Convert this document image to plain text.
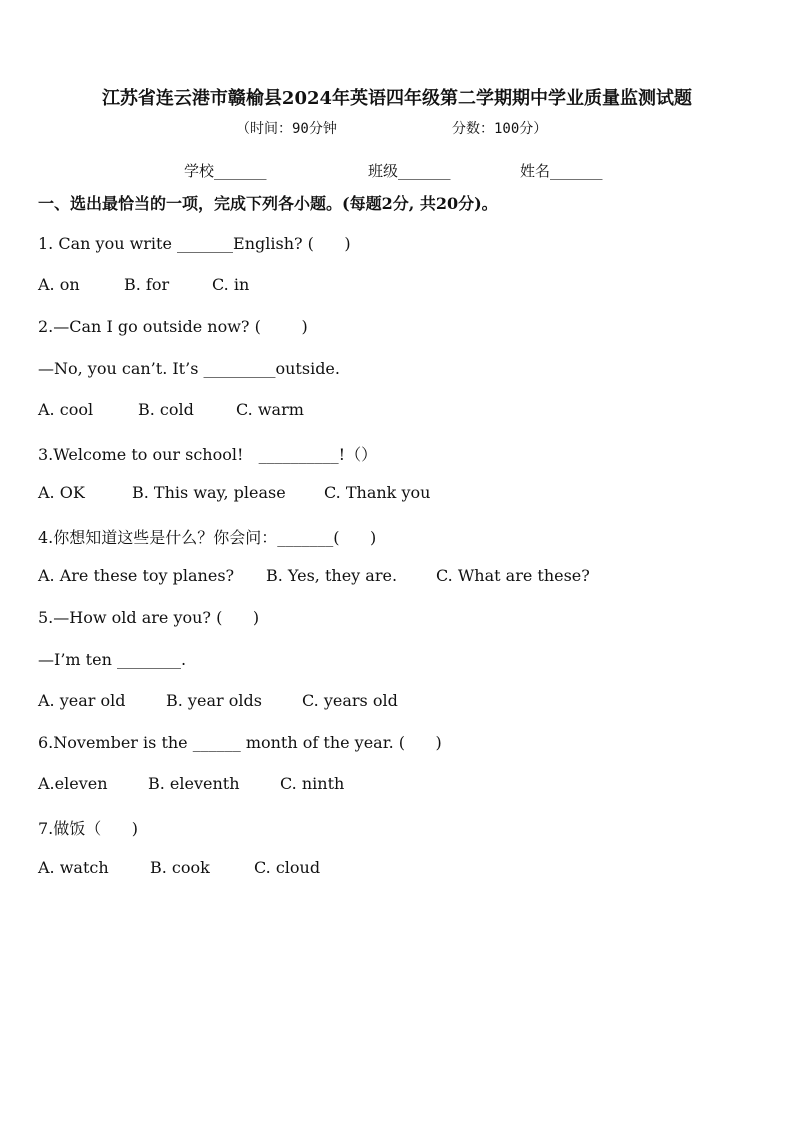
江苏省连云港市赣榆县2024年英语四年级第二学期期中学业质量监测试题
（时间：90分钟	分数：100分）
学校_______	班级_______	姓名_______
一、选出最恰当的一项，完成下列各小题。(每题2分, 共20分)。
1. Can you write _______English? (      )
A. on	B. for	C. in
2.—Can I go outside now? (        )
—No, you can’t. It’s _________outside.
A. cool	B. cold	C. warm
3.Welcome to our school!   __________!（）
A. OK	B. This way, please C. Thank you
4.你想知道这些是什么？你会问：_______(      )
A. Are these toy planes? B. Yes, they are. C. What are these?
5.—How old are you? (      )
—I’m ten ________.
A. year old	B. year olds	C. years old
6.November is the ______ month of the year. (      )
A.eleven	B. eleventh	C. ninth
7.做饭（      )
A. watch	B. cook	C. cloud
